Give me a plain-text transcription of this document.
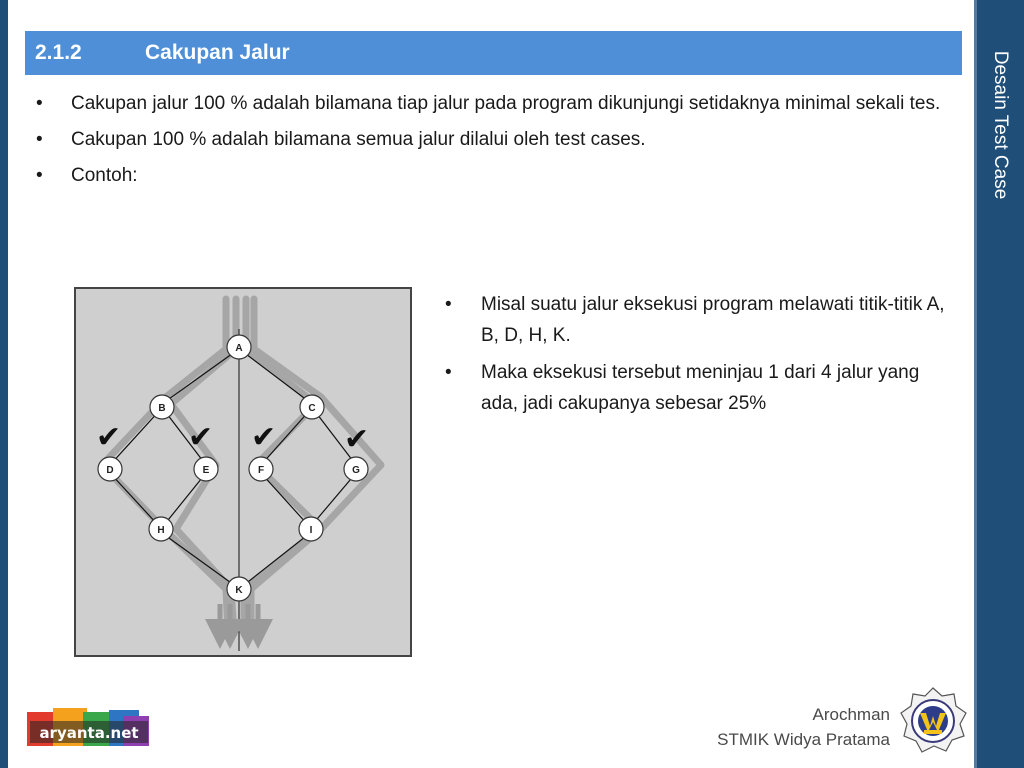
Desain Test Case
2.1.2	Cakupan Jalur
• Cakupan jalur 100 % adalah bilamana tiap jalur pada program dikunjungi setidaknya minimal sekali tes.
• Cakupan 100 % adalah bilamana semua jalur dilalui oleh test cases.
• Contoh:
A
B	C
D	E	F	G
H	I
K
✔ ✔ ✔ ✔
• Misal suatu jalur eksekusi program melawati titik-titik A, B, D, H, K.
• Maka eksekusi tersebut meninjau 1 dari 4 jalur yang ada, jadi cakupanya sebesar 25%
aryanta.net
Arochman
STMIK Widya Pratama
